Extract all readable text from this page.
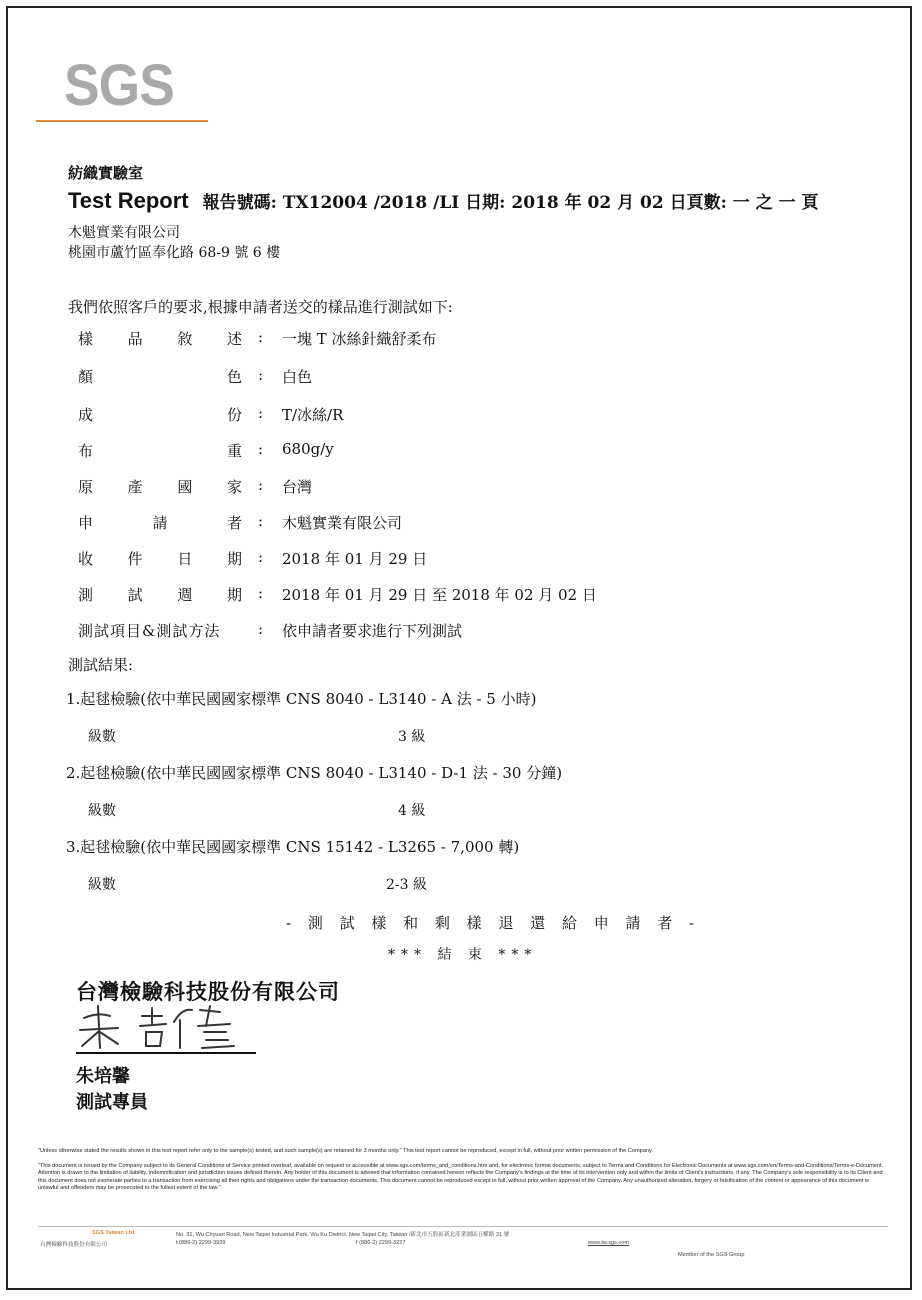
SGS
紡織實驗室
Test Report 報告號碼: TX12004 /2018 /LI 日期: 2018 年 02 月 02 日頁數: 一 之 一 頁
木魁實業有限公司
桃園市蘆竹區奉化路 68-9 號 6 樓
我們依照客戶的要求,根據申請者送交的樣品進行測試如下:
樣 品 敘 述 : 一塊 T 冰絲針織舒柔布
顏	色 : 白色
成	份 : T/冰絲/R
布	重 : 680g/y
原 產 國 家 : 台灣
申	請	者 : 木魁實業有限公司
收 件 日 期 : 2018 年 01 月 29 日
測 試 週 期 : 2018 年 01 月 29 日 至 2018 年 02 月 02 日
測試項目&測試方法	: 依申請者要求進行下列測試
測試結果:
1.起毬檢驗(依中華民國國家標準 CNS 8040 - L3140 - A 法 - 5 小時)
級數	3 級
2.起毬檢驗(依中華民國國家標準 CNS 8040 - L3140 - D-1 法 - 30 分鐘)
級數	4 級
3.起毬檢驗(依中華民國國家標準 CNS 15142 - L3265 - 7,000 轉)
級數	2-3 級
- 測 試 樣 和 剩 樣 退 還 給 申 請 者 -
*** 結 束 ***
台灣檢驗科技股份有限公司
朱培馨
測試專員
"Unless otherwise stated the results shown in this test report refer only to the sample(s) tested, and such sample(s) are retained for 3 months only." This test report cannot be reproduced, except in full, without prior written permission of the Company.
"This document is issued by the Company subject to its General Conditions of Service printed overleaf, available on request or accessible at www.sgs.com/terms_and_conditions.htm and, for electronic format documents, subject to Terms and Conditions for Electronic Documents at www.sgs.com/en/Terms-and-Conditions/Terms-e-Document. Attention is drawn to the limitation of liability, indemnification and jurisdiction issues defined therein. Any holder of this document is advised that information contained hereon reflects the Company's findings at the time of its intervention only and within the limits of Client's instructions, if any. The Company's sole responsibility is to its Client and this document does not exonerate parties to a transaction from exercising all their rights and obligations under the transaction documents. This document cannot be reproduced except in full, without prior written approval of the Company. Any unauthorized alteration, forgery or falsification of the content or appearance of this document is unlawful and offenders may be prosecuted to the fullest extent of the law."
SGS Taiwan Ltd.
台灣檢驗科技股份有限公司
No. 31, Wu Chyuan Road, New Taipei Industrial Park, Wu Ku District, New Taipei City, Taiwan /新北市五股區新北產業園區五權路 31 號
t (886-2) 2299-3939	f (886-2) 2299-3227	www.tw.sgs.com
Member of the SGS Group
